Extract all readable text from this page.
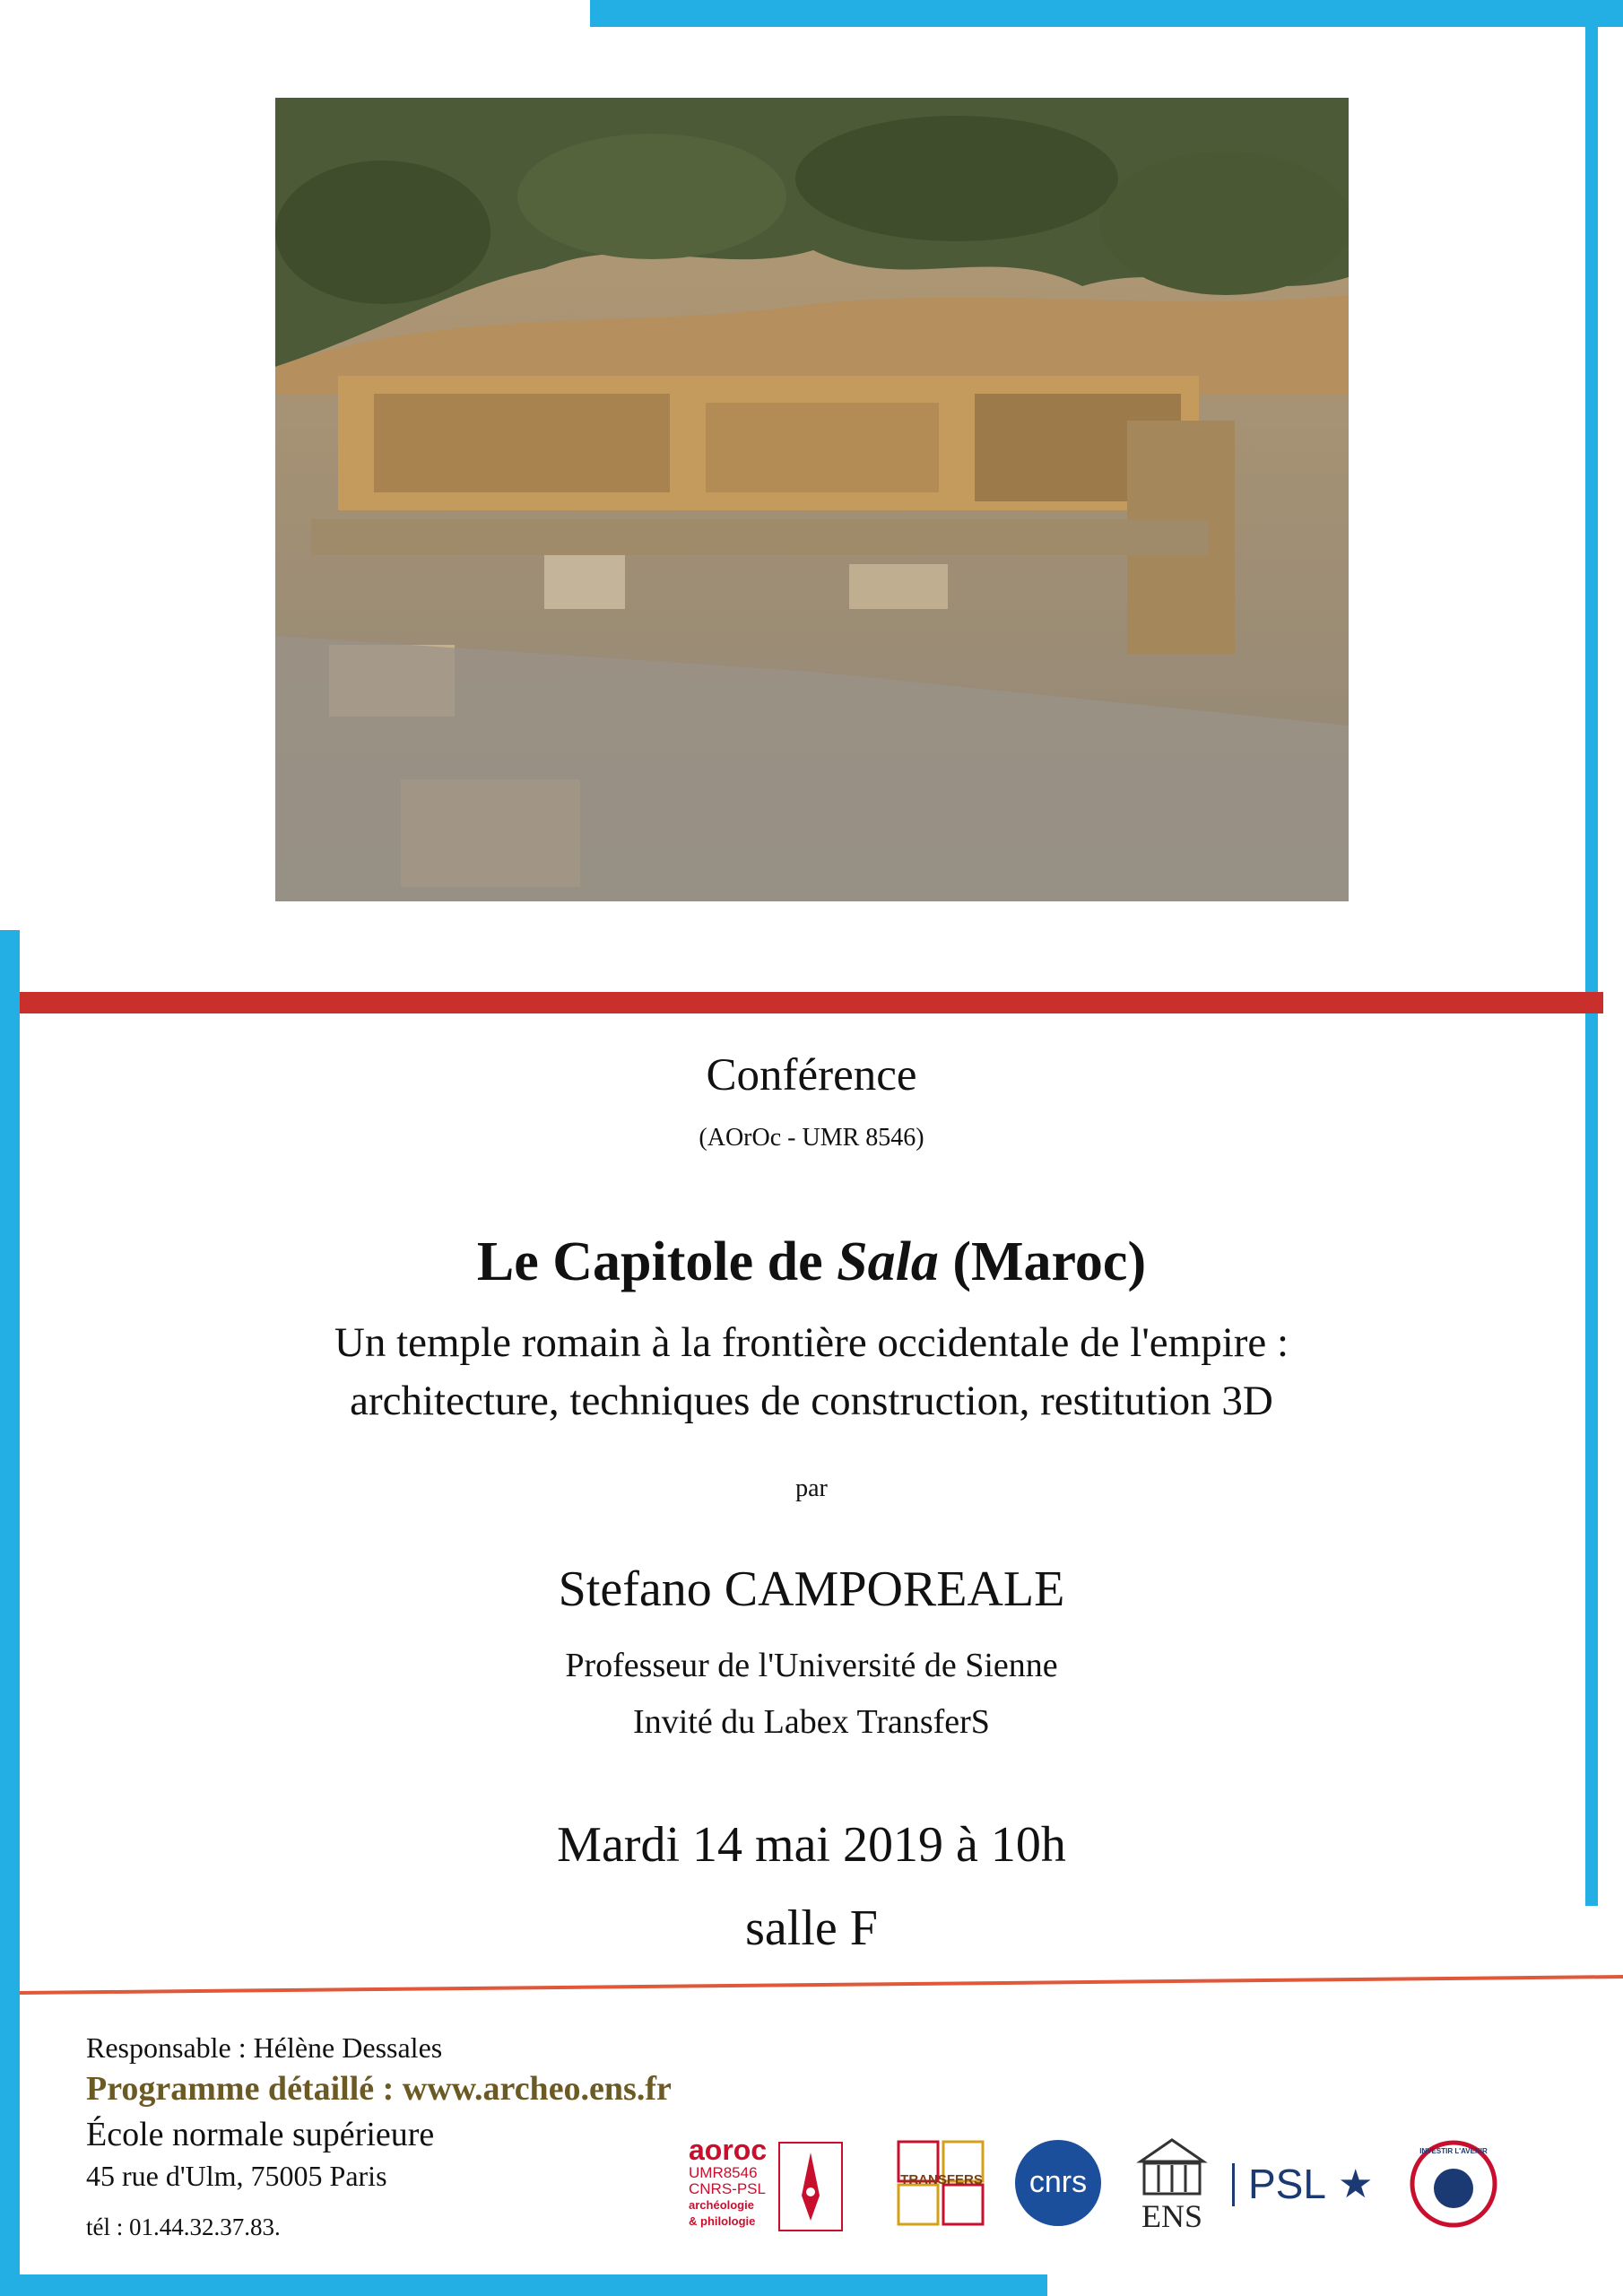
Conférence
(AOrOc - UMR 8546)
Le Capitole de Sala (Maroc)
Un temple romain à la frontière occidentale de l'empire :
architecture, techniques de construction, restitution 3D
par
Stefano CAMPOREALE
Professeur de l'Université de Sienne
Invité du Labex TransferS
Mardi 14 mai 2019 à 10h
salle F
Responsable : Hélène Dessales
Programme détaillé : www.archeo.ens.fr
École normale supérieure
45 rue d'Ulm, 75005 Paris
tél : 01.44.32.37.83.
aoroc
UMR8546
CNRS-PSL
archéologie
& philologie
TRANSFERS	cnrs
ENS
PSL ★
INVESTIR L'AVENIR
